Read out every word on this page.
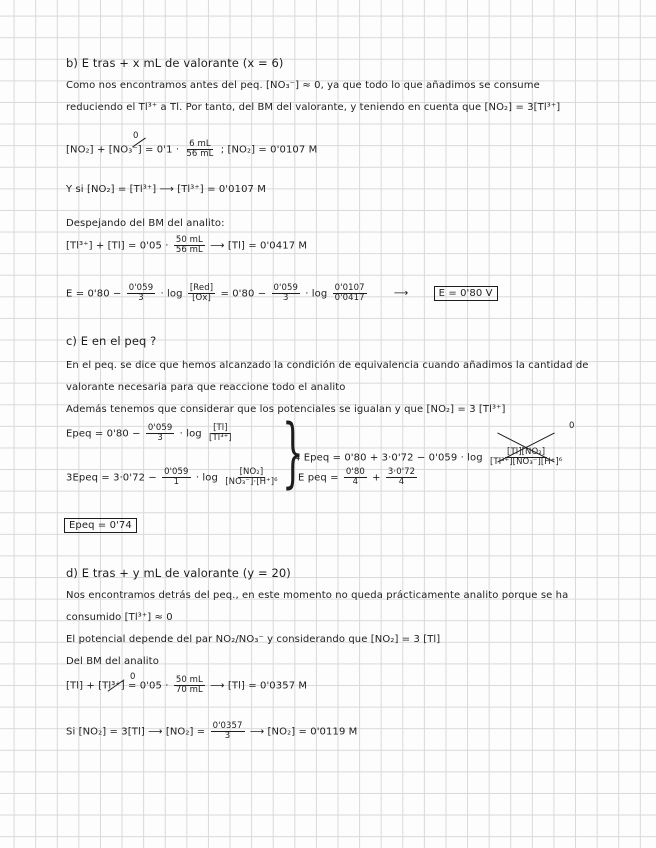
b) E tras + x mL de valorante (x = 6)
Como nos encontramos antes del peq. [NO₃⁻] ≈ 0, ya que todo lo que añadimos se consume
reduciendo el Tl³⁺ a Tl. Por tanto, del BM del valorante, y teniendo en cuenta que [NO₂] = 3[Tl³⁺]
$[NO_2] + [NO_3^-] = 0'1 \cdot \frac{6 mL}{56 mL}$ ; [NO₂] = 0'0107 M
0
Y si [NO₂] = [Tl³⁺] ⟶ [Tl³⁺] = 0'0107 M
Despejando del BM del analito:
$[Tl^{3+}] + [Tl] = 0'05 \cdot \frac{50 mL}{56 mL}$ ⟶ [Tl] = 0'0417 M
$E = 0'80 - \frac{0'059}{3} \cdot \log \frac{\text{[Red]}}{[Ox]} = 0'80 - \frac{0'059}{3} \cdot \log \frac{0'0107}{0'0417}$	⟶	E = 0'80 V
c) E en el peq ?
En el peq. se dice que hemos alcanzado la condición de equivalencia cuando añadimos la cantidad de
valorante necesaria para que reaccione todo el analito
Además tenemos que considerar que los potenciales se igualan y que [NO₂] = 3 [Tl³⁺]
Epeq = $0'80 - \frac{0'059}{3} \cdot \log \frac{[Tl]}{\text{[Tl³⁺]}}$
3Epeq = $3\cdot 0'72 - \frac{0'059}{1} \cdot \log \frac{\text{[NO₂]}}{\text{[NO₃⁻]·[H⁺]⁶}}$ }
4 Epeq = $0'80 + 3\cdot 0'72 - 0'059 \cdot \log \frac{\text{[Tl][NO₂]}}{\text{[Tl³⁺][NO₃⁻][H⁺]⁶}}$
0
E peq = $\frac{0'80}{4} + \frac{3\cdot 0'72}{4}$
Epeq = 0'74
d) E tras + y mL de valorante (y = 20)
Nos encontramos detrás del peq., en este momento no queda prácticamente analito porque se ha
consumido [Tl³⁺] ≈ 0
El potencial depende del par NO₂/NO₃⁻ y considerando que [NO₂] = 3 [Tl]
Del BM del analito
$[Tl] + [Tl^{3+}] = 0'05 \cdot \frac{50 mL}{70 mL}$ ⟶ [Tl] = 0'0357 M
0
Si [NO₂] = 3[Tl] ⟶ $[NO_2] = \frac{0'0357}{3}$ ⟶ [NO₂] = 0'0119 M
